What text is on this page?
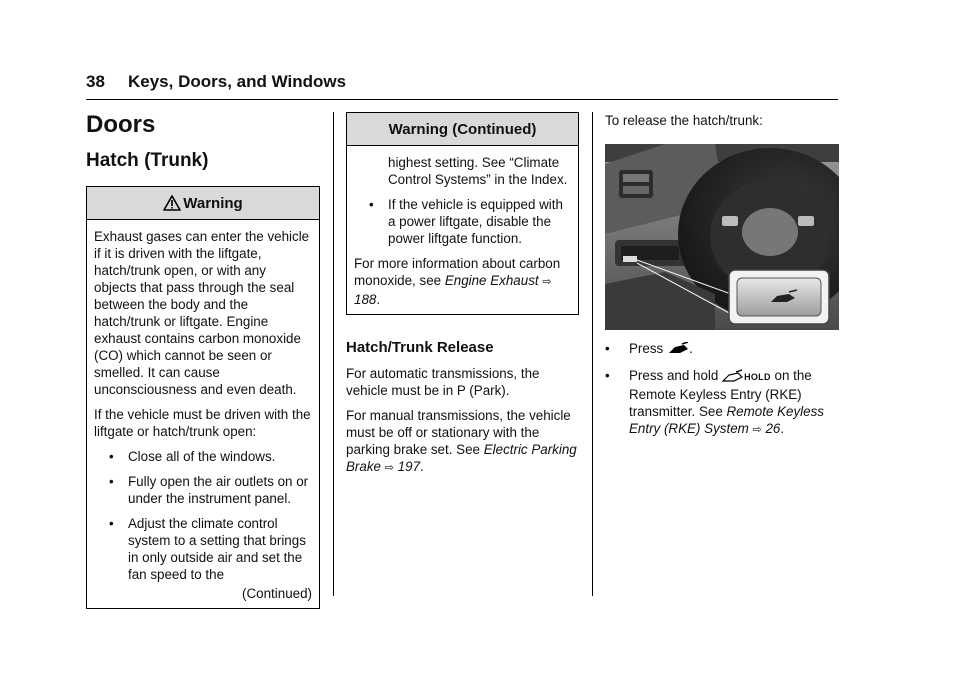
38 Keys, Doors, and Windows
Doors
Hatch (Trunk)
Warning

Exhaust gases can enter the vehicle if it is driven with the liftgate, hatch/trunk open, or with any objects that pass through the seal between the body and the hatch/trunk or liftgate. Engine exhaust contains carbon monoxide (CO) which cannot be seen or smelled. It can cause unconsciousness and even death.

If the vehicle must be driven with the liftgate or hatch/trunk open:

• Close all of the windows.
• Fully open the air outlets on or under the instrument panel.
• Adjust the climate control system to a setting that brings in only outside air and set the fan speed to the
(Continued)
Warning (Continued)
highest setting. See “Climate Control Systems” in the Index.
• If the vehicle is equipped with a power liftgate, disable the power liftgate function.

For more information about carbon monoxide, see Engine Exhaust ⇨ 188.

Hatch/Trunk Release

For automatic transmissions, the vehicle must be in P (Park).

For manual transmissions, the vehicle must be off or stationary with the parking brake set. See Electric Parking Brake ⇨ 197.

To release the hatch/trunk:

• Press .
• Press and hold	HOLD on the Remote Keyless Entry (RKE) transmitter. See Remote Keyless Entry (RKE) System ⇨ 26.
